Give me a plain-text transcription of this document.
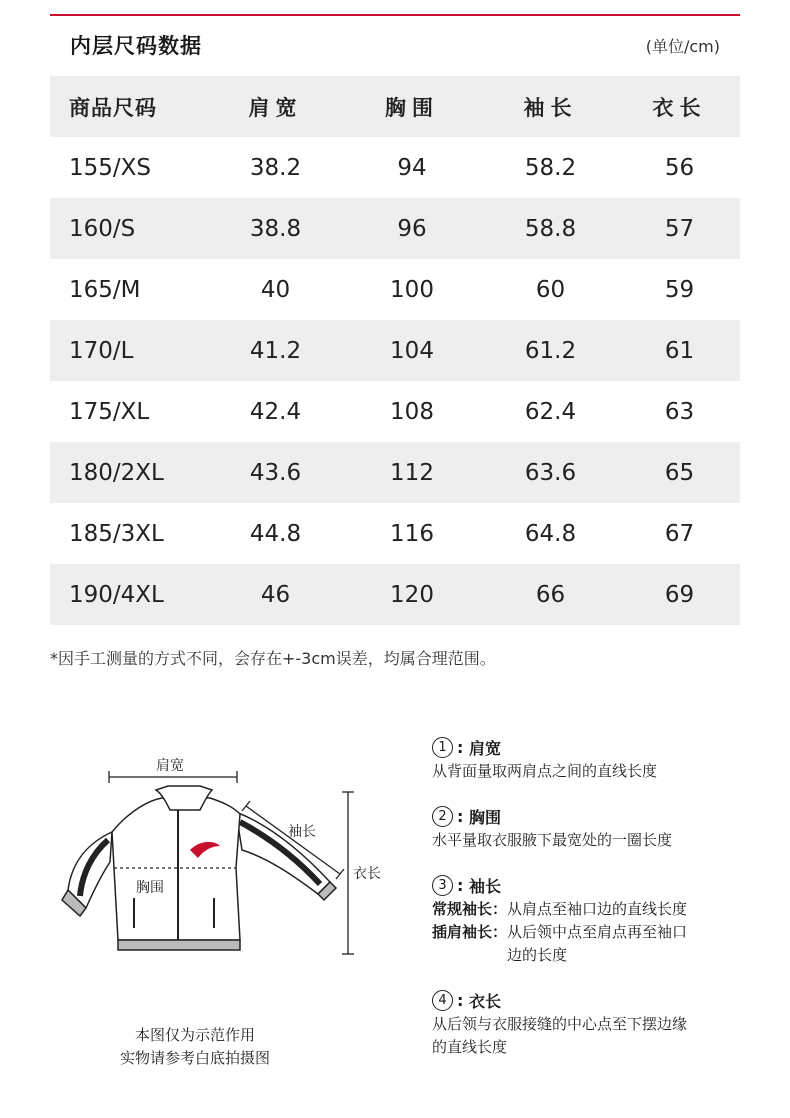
内层尺码数据	(单位/cm)
商品尺码	肩宽	胸围	袖长	衣长
155/XS	38.2	94	58.2	56
160/S	38.8	96	58.8	57
165/M	40	100	60	59
170/L	41.2	104	61.2	61
175/XL	42.4	108	62.4	63
180/2XL	43.6	112	63.6	65
185/3XL	44.8	116	64.8	67
190/4XL	46	120	66	69
*因手工测量的方式不同，会存在+-3cm误差，均属合理范围。
肩宽
胸围
袖长
衣长
本图仅为示范作用
实物请参考白底拍摄图
1 : 肩宽
从背面量取两肩点之间的直线长度
2 : 胸围
水平量取衣服腋下最宽处的一圈长度
3 : 袖长
常规袖长： 从肩点至袖口边的直线长度
插肩袖长： 从后领中点至肩点再至袖口
边的长度
4 : 衣长
从后领与衣服接缝的中心点至下摆边缘
的直线长度
